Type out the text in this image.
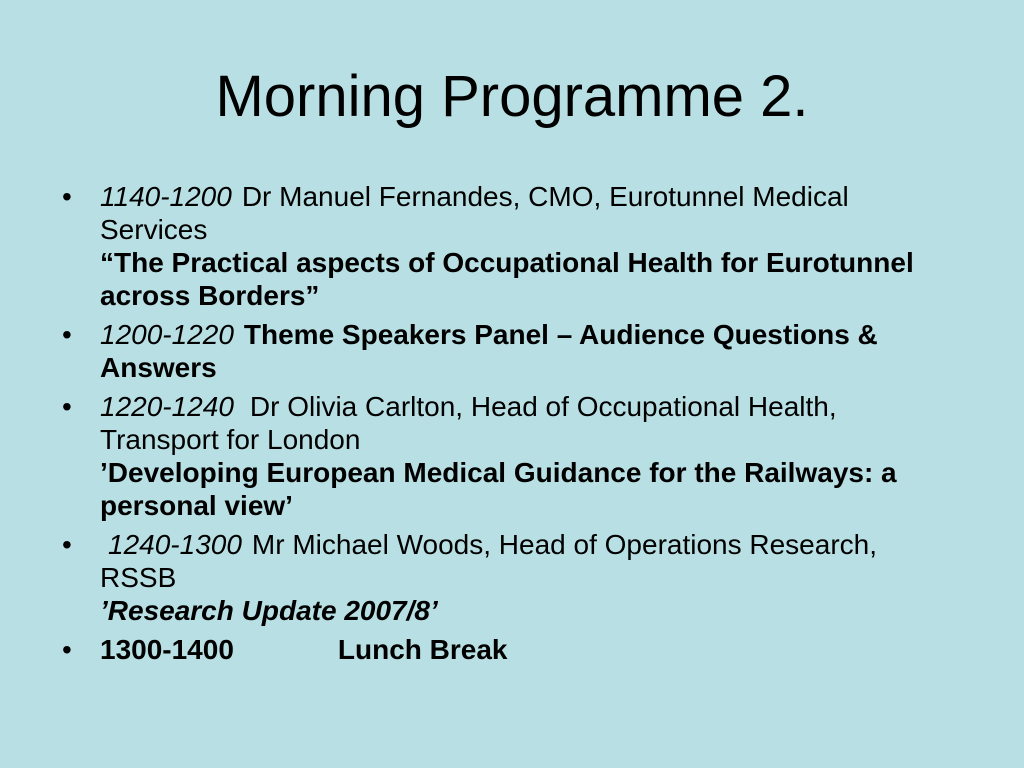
Morning Programme 2.
• 1140-1200 Dr Manuel Fernandes, CMO, Eurotunnel Medical Services
“The Practical aspects of Occupational Health for Eurotunnel across Borders”
• 1200-1220 Theme Speakers Panel – Audience Questions & Answers
• 1220-1240 Dr Olivia Carlton, Head of Occupational Health, Transport for London
’Developing European Medical Guidance for the Railways: a personal view’
• 1240-1300 Mr Michael Woods, Head of Operations Research, RSSB
’Research Update 2007/8’
• 1300-1400	Lunch Break
